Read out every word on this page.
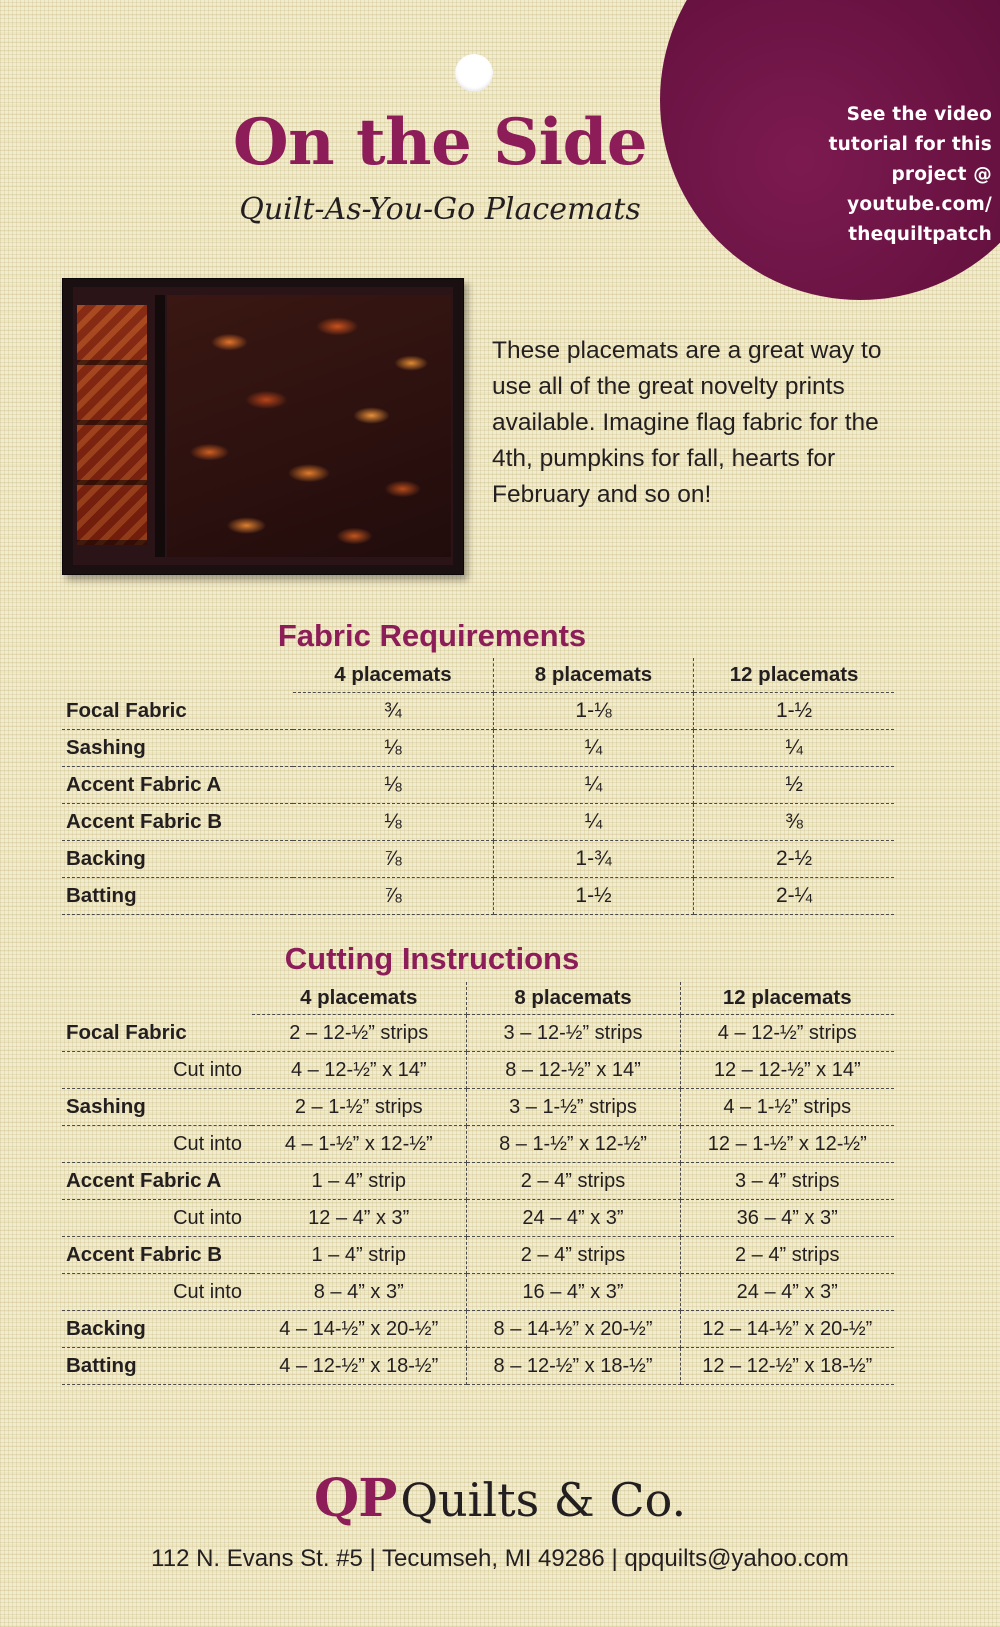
See the video
tutorial for this
project @
youtube.com/
thequiltpatch
On the Side
Quilt-As-You-Go Placemats
These placemats are a great way to use all of the great novelty prints available. Imagine flag fabric for the 4th, pumpkins for fall, hearts for February and so on!
Fabric Requirements
	4 placemats	8 placemats	12 placemats
Focal Fabric	¾	1-⅛	1-½
Sashing	⅛	¼	¼
Accent Fabric A	⅛	¼	½
Accent Fabric B	⅛	¼	⅜
Backing	⅞	1-¾	2-½
Batting	⅞	1-½	2-¼
Cutting Instructions
	4 placemats	8 placemats	12 placemats
Focal Fabric	2 – 12-½” strips	3 – 12-½” strips	4 – 12-½” strips
Cut into	4 – 12-½” x 14”	8 – 12-½” x 14”	12 – 12-½” x 14”
Sashing	2 – 1-½” strips	3 – 1-½” strips	4 – 1-½” strips
Cut into	4 – 1-½” x 12-½”	8 – 1-½” x 12-½”	12 – 1-½” x 12-½”
Accent Fabric A	1 – 4” strip	2 – 4” strips	3 – 4” strips
Cut into	12 – 4” x 3”	24 – 4” x 3”	36 – 4” x 3”
Accent Fabric B	1 – 4” strip	2 – 4” strips	2 – 4” strips
Cut into	8 – 4” x 3”	16 – 4” x 3”	24 – 4” x 3”
Backing	4 – 14-½” x 20-½”	8 – 14-½” x 20-½”	12 – 14-½” x 20-½”
Batting	4 – 12-½” x 18-½”	8 – 12-½” x 18-½”	12 – 12-½” x 18-½”
QPQuilts & Co.
112 N. Evans St. #5 | Tecumseh, MI 49286 | qpquilts@yahoo.com
